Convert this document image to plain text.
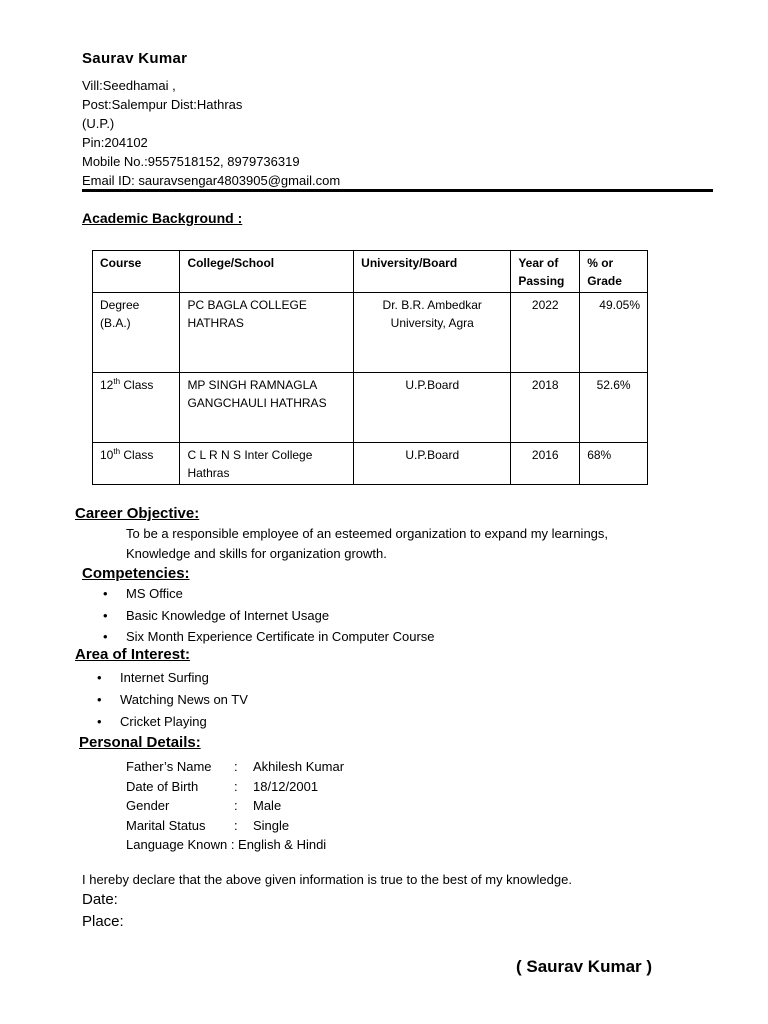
Saurav Kumar
Vill:Seedhamai ,
Post:Salempur Dist:Hathras
(U.P.)
Pin:204102
Mobile No.:9557518152, 8979736319
Email ID: sauravsengar4803905@gmail.com
Academic Background :
Course	College/School	University/Board	Year of Passing	% or Grade
Degree (B.A.)	PC BAGLA COLLEGE HATHRAS	Dr. B.R. Ambedkar University, Agra	2022	49.05%
12th Class	MP SINGH RAMNAGLA GANGCHAULI HATHRAS	U.P.Board	2018	52.6%
10th Class	C L R N S Inter College Hathras	U.P.Board	2016	68%
Career Objective:
To be a responsible employee of an esteemed organization to expand my learnings,
Knowledge and skills for organization growth.
Competencies:
• MS Office
• Basic Knowledge of Internet Usage
• Six Month Experience Certificate in Computer Course
Area of Interest:
• Internet Surfing
• Watching News on TV
• Cricket Playing
Personal Details:
Father’s Name : Akhilesh Kumar
Date of Birth	: 18/12/2001
Gender	: Male
Marital Status : Single
Language Known : English & Hindi
I hereby declare that the above given information is true to the best of my knowledge.
Date:
Place:
( Saurav Kumar )
